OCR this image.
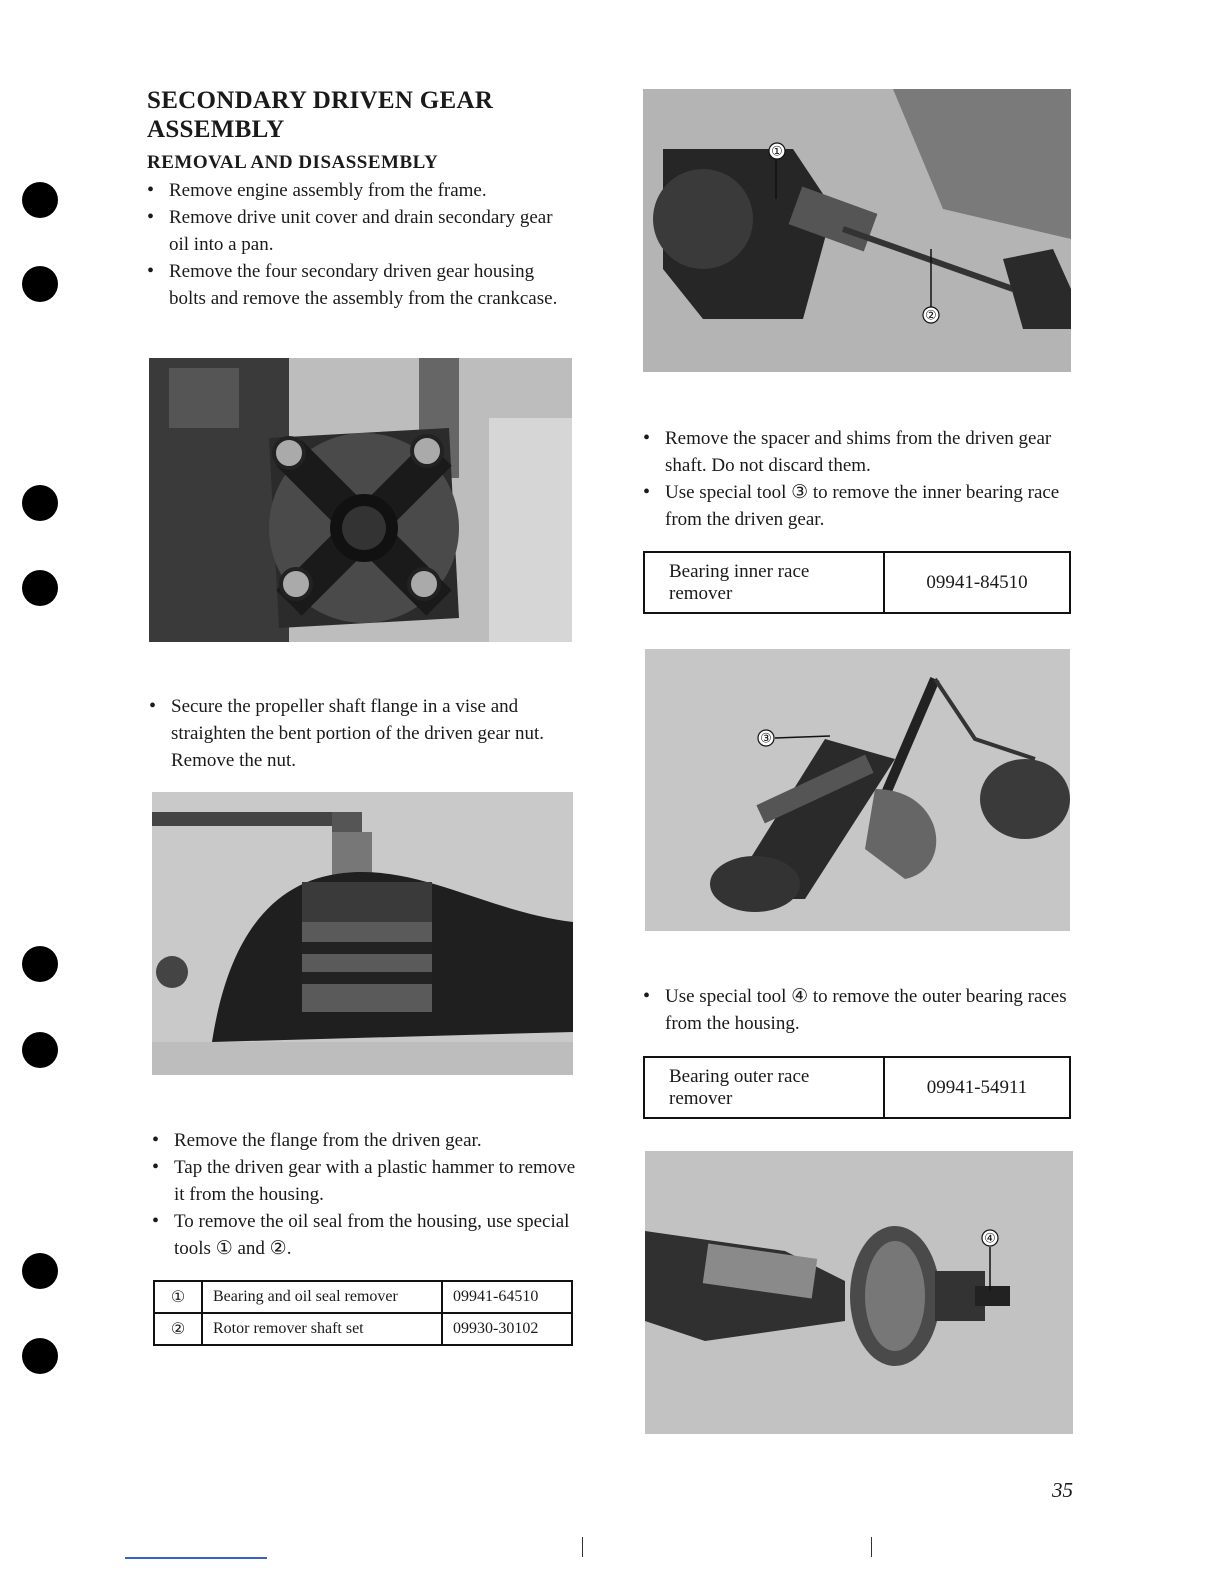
SECONDARY DRIVEN GEAR
ASSEMBLY
REMOVAL AND DISASSEMBLY
• Remove engine assembly from the frame.
• Remove drive unit cover and drain secondary gear oil into a pan.
• Remove the four secondary driven gear housing bolts and remove the assembly from the crankcase.
• Secure the propeller shaft flange in a vise and straighten the bent portion of the driven gear nut. Remove the nut.
• Remove the flange from the driven gear.
• Tap the driven gear with a plastic hammer to remove it from the housing.
• To remove the oil seal from the housing, use special tools ① and ②.
①	Bearing and oil seal remover	09941-64510
②	Rotor remover shaft set	09930-30102
①
②
• Remove the spacer and shims from the driven gear shaft. Do not discard them.
• Use special tool ③ to remove the inner bearing race from the driven gear.
Bearing inner race
remover	09941-84510
③
• Use special tool ④ to remove the outer bearing races from the housing.
Bearing outer race
remover	09941-54911
④
35
